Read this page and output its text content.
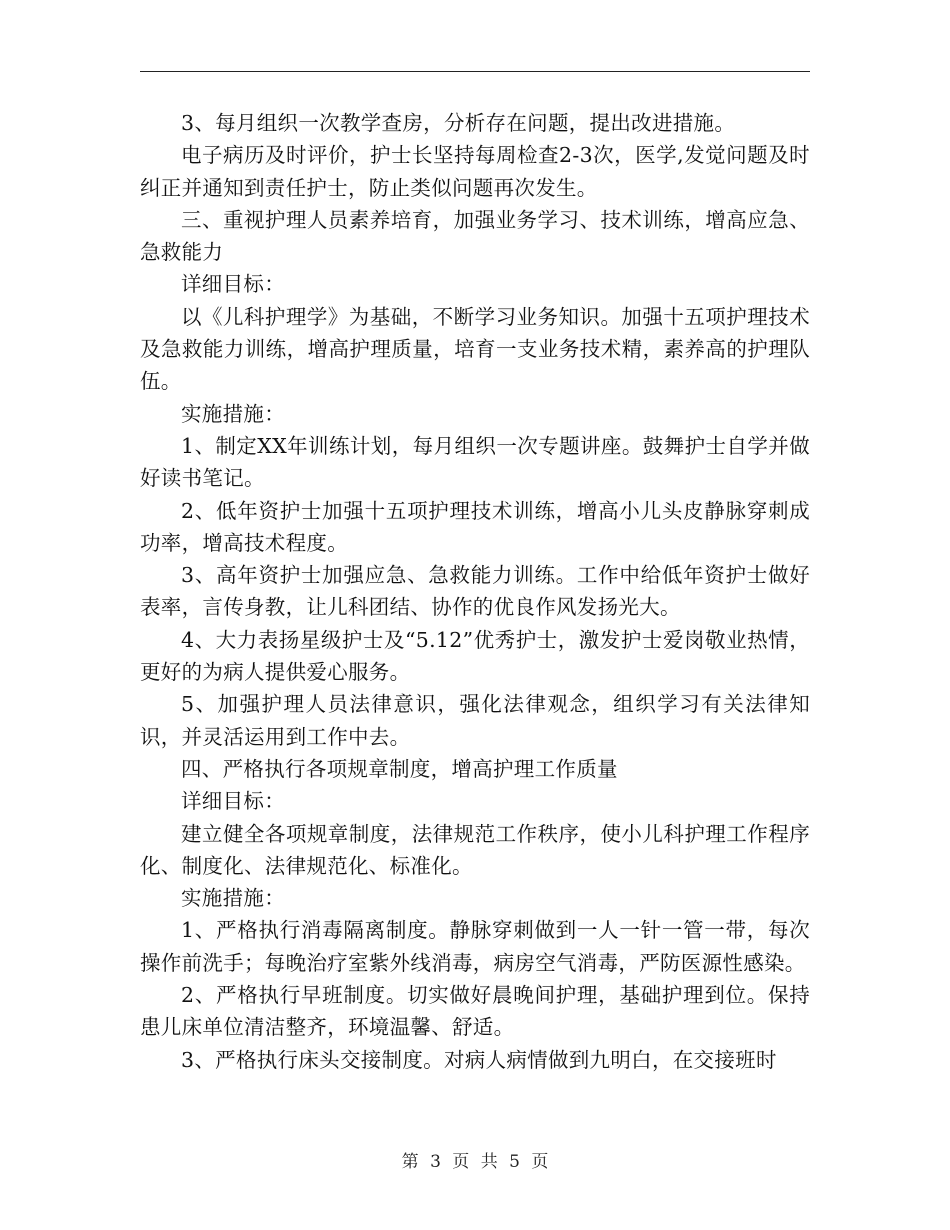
3、每月组织一次教学查房，分析存在问题，提出改进措施。

电子病历及时评价，护士长坚持每周检查2-3次，医学,发觉问题及时纠正并通知到责任护士，防止类似问题再次发生。

三、重视护理人员素养培育，加强业务学习、技术训练，增高应急、急救能力

详细目标：

以《儿科护理学》为基础，不断学习业务知识。加强十五项护理技术及急救能力训练，增高护理质量，培育一支业务技术精，素养高的护理队伍。

实施措施：

1、制定XX年训练计划，每月组织一次专题讲座。鼓舞护士自学并做好读书笔记。

2、低年资护士加强十五项护理技术训练，增高小儿头皮静脉穿刺成功率，增高技术程度。

3、高年资护士加强应急、急救能力训练。工作中给低年资护士做好表率，言传身教，让儿科团结、协作的优良作风发扬光大。

4、大力表扬星级护士及“5.12”优秀护士，激发护士爱岗敬业热情，更好的为病人提供爱心服务。

5、加强护理人员法律意识，强化法律观念，组织学习有关法律知识，并灵活运用到工作中去。

四、严格执行各项规章制度，增高护理工作质量

详细目标：

建立健全各项规章制度，法律规范工作秩序，使小儿科护理工作程序化、制度化、法律规范化、标准化。

实施措施：

1、严格执行消毒隔离制度。静脉穿刺做到一人一针一管一带，每次操作前洗手；每晚治疗室紫外线消毒，病房空气消毒，严防医源性感染。

2、严格执行早班制度。切实做好晨晚间护理，基础护理到位。保持患儿床单位清洁整齐，环境温馨、舒适。

3、严格执行床头交接制度。对病人病情做到九明白，在交接班时

第 3 页 共 5 页
